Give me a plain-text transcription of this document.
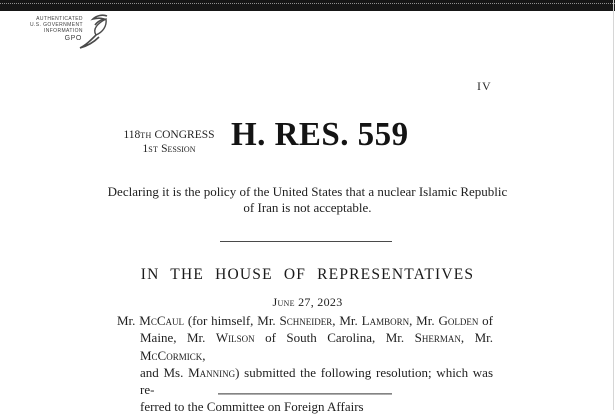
AUTHENTICATED
U.S. GOVERNMENT
INFORMATION
GPO
IV
118TH CONGRESS
1ST Session	H. RES. 559
Declaring it is the policy of the United States that a nuclear Islamic Republic
of Iran is not acceptable.
IN THE HOUSE OF REPRESENTATIVES
June 27, 2023
Mr. McCaul (for himself, Mr. Schneider, Mr. Lamborn, Mr. Golden of
Maine, Mr. Wilson of South Carolina, Mr. Sherman, Mr. McCormick,
and Ms. Manning) submitted the following resolution; which was re-
ferred to the Committee on Foreign Affairs
